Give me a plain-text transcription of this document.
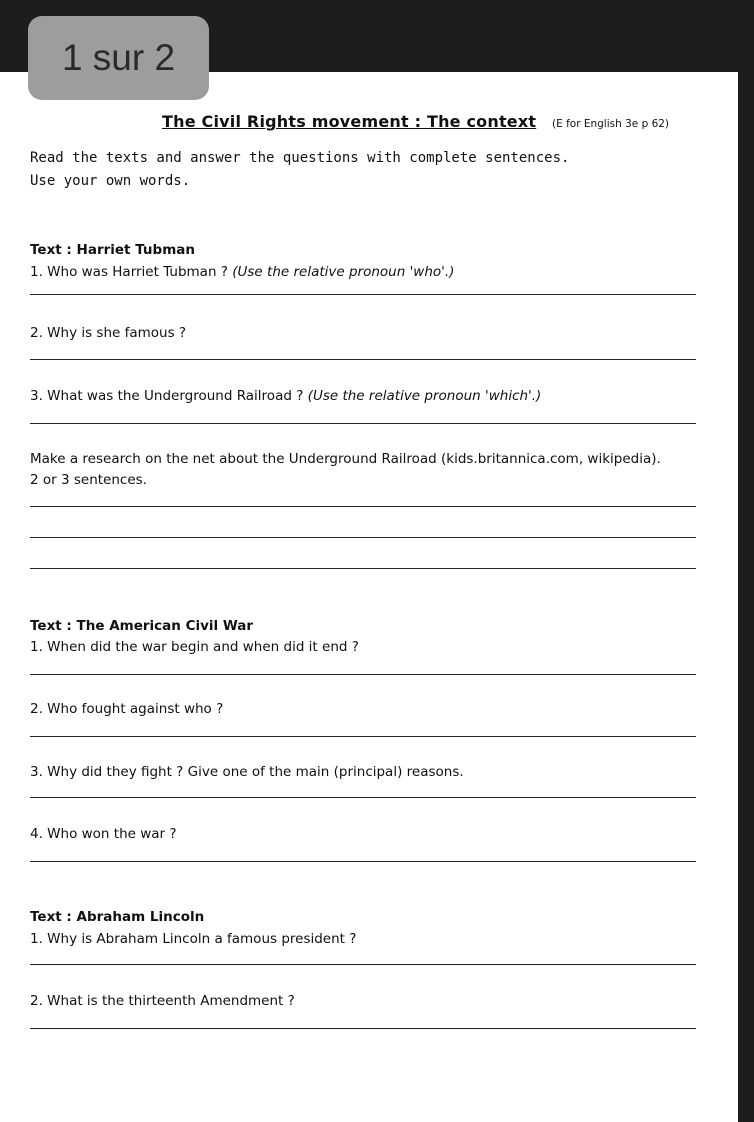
1 sur 2
The Civil Rights movement : The context (E for English 3e p 62)
Read the texts and answer the questions with complete sentences.
Use your own words.
Text : Harriet Tubman
1. Who was Harriet Tubman ? (Use the relative pronoun 'who'.)
2. Why is she famous ?
3. What was the Underground Railroad ? (Use the relative pronoun 'which'.)
Make a research on the net about the Underground Railroad (kids.britannica.com, wikipedia).
2 or 3 sentences.
Text : The American Civil War
1. When did the war begin and when did it end ?
2. Who fought against who ?
3. Why did they fight ? Give one of the main (principal) reasons.
4. Who won the war ?
Text : Abraham Lincoln
1. Why is Abraham Lincoln a famous president ?
2. What is the thirteenth Amendment ?
